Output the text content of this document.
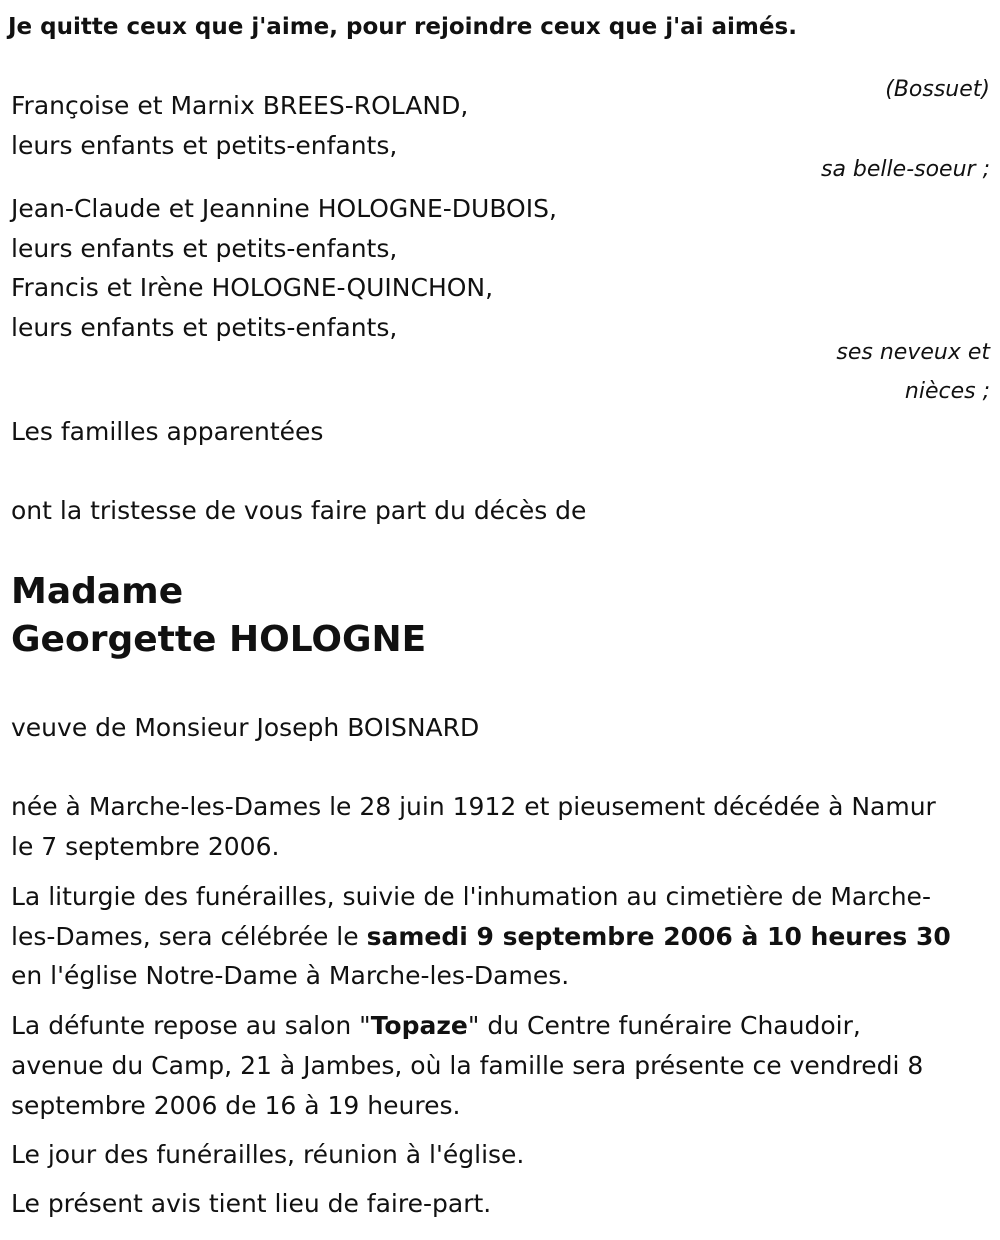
Je quitte ceux que j'aime, pour rejoindre ceux que j'ai aimés.
(Bossuet)
Françoise et Marnix BREES-ROLAND,
leurs enfants et petits-enfants,
sa belle-soeur ;
Jean-Claude et Jeannine HOLOGNE-DUBOIS,
leurs enfants et petits-enfants,
Francis et Irène HOLOGNE-QUINCHON,
leurs enfants et petits-enfants,
ses neveux et
nièces ;
Les familles apparentées
ont la tristesse de vous faire part du décès de
Madame
Georgette HOLOGNE
veuve de Monsieur Joseph BOISNARD
née à Marche-les-Dames le 28 juin 1912 et pieusement décédée à Namur
le 7 septembre 2006.
La liturgie des funérailles, suivie de l'inhumation au cimetière de Marche-
les-Dames, sera célébrée le samedi 9 septembre 2006 à 10 heures 30
en l'église Notre-Dame à Marche-les-Dames.
La défunte repose au salon "Topaze" du Centre funéraire Chaudoir,
avenue du Camp, 21 à Jambes, où la famille sera présente ce vendredi 8
septembre 2006 de 16 à 19 heures.
Le jour des funérailles, réunion à l'église.
Le présent avis tient lieu de faire-part.
